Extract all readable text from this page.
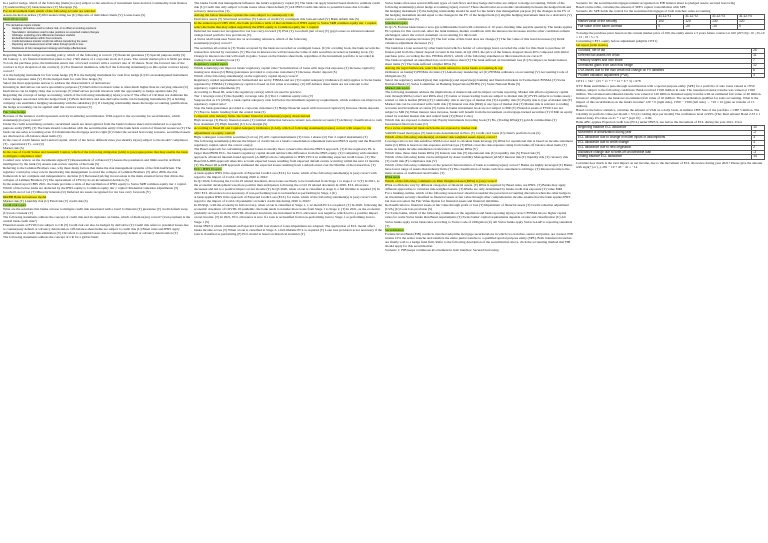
In a perfect hedge, which of the following (items) is (are) subject to the selection of investment basis derived. Commodity trade finance (T) underwriting (U) bank insurance (V) Mortgage (S).

For an investment bank which of the following account are relevant:

Assets-backed securities (T) IPO underwriting fee (U) Deposits of individual clients (V) Loans-loans (S)

Derivatives topics

The derivatives topics include:
• Hedging: derivatives used to reduce risk, or to offset an existing exposure
• Speculation: derivatives used to take positions on expected market changes
• Arbitrage: exploiting price differences between markets
• Embedded derivatives within host contracts
• Credit derivatives transfer credit risk without transferring the asset
• Reporting and measurement at fair value through profit or loss
• Disclosure of risk management strategy and hedge effectiveness

Regarding the bank's hedge accounting policy, which of the following is correct: (T) financial guarantee (T) Special purpose entity (S)

On January 1, A's financial institution plans to buy 1'500 shares of a corporate stock in 3 years. The current market price is $100 per share. To lock the purchase price, the institution enters into a forward contract with a contract rate of 10 shares. Note: the forward rate of the contract is 0 (at inception of the contract). (1) For financial institution, which of the following statement(s) on this option contract is(are) correct?

A is the hedging instrument for fair value hedge (T) B is the hedging instrument for cash flow hedge (U) It's an undesignated instrument for future exposure risks (V) It's the hedged item for cash flow hedge (S)

Select the most appropriate answer to address the characteristics of derivatives:

Investing in derivatives can serve speculative purposes (T) Derivative's notional value is often much higher than its carrying amount (U) Derivatives can be highly risky due to leverage (V) Derivatives provide investors with the opportunity to hedge against risks (S)

Regarding the concept of hedge accounting, which of the following statement(s) is(are) correct? The effect of CR must not dominate the value changes associated with the hedged item (T) Both derivative and non-derivative items can be hedging instruments (T) A holding company can establish a hedging relationship with the subsidiary (U) If a hedging relationship meets the hedge accounting qualification, the hedge accounting can be applied until the contract expires (V)

Fair value hedge

Because of the lenience credit represents activity in utilizing securitization. With regard to the accounting for securitization, which statement(s) is (are) correct?

Under the credit securitizing scenario, securitized assets are derecognized from the bank's balance sheet and transferred to a special-purpose entity (SPE) (T) The bank should consolidate with the securitization entity if the bank holds control of financial resources (T) The bank can use sales accounting even if it maintains the mortgage service right (U) Under the secured borrowing scenario, securitized assets are disclosed as off-balance sheet items (S)

In the case of credit futures and Central Capital, which of the below different rules you identify is(are) subject to the model? compliance (T) - operational (T) - real (U)

Market risk (S)

In the case of Credit Suisse and Greensill Capital, which of the following mitigation (with) is (are) appropriate that may enable the bank to mitigate compliance risk?

Conduct new review on the documents signed (T) Reassessment of collateral (T) Assess the parameters and limits used in artificial intelligence by the bank (U) Assess sale-review surplus of the bank (S)

Referring to the Lehman Brothers case, why there many factors that make the risk management systems of the firm inefficient. The regulator could play a key role in monitoring risk management to avoid the collapse of Lehman Brothers (T) After 2006, the risk framework is not complete and independent to decision (U) Decreased pricing in real estate is the main external factor that drives the collapse of Lehman Brothers (V) The replacement of CFO by its an incremental decision (S)

In the annual report CBIS 2021, the bank provides a table of Reconciliation of IFRS equity to Swiss SRB common equity tier 1 capital. Which of the below items are deducted by the IFRS equity to Common equity tier 1 capital: Prudential valuation adjustments (T) Goodwill, net of tax (T) Minority interests (U) Deferred tax assets recognised for tax loss carry forwards (V)

IRRBB Bank in business model

Market risk (T) Liquidity risk (U) Fund risk (V) credit risk (S)

Credit risk topics

What are the solutions that banks can use to mitigate credit risk associated with a loan? Collaterals (T) guarantee (T) credit default swap (U) loan covenant (V)

The following statements address the concept of credit risk and its signature on banks, which of them is(are) correct? (loan payment is the central bank credit risk?)

Financial assets at FVOCI are subject to CR (T) Credit risk can also be hedged by derivative (T) Credit risk refers to potential losses due to counterparty default or solvency deterioration. Off-balance-sheet items are subject to credit risk (U) Basel rules and IFRS apply different rules on credit risk estimation (V) CR refers to potential losses due to counterparty default or solvency deterioration (T)

The following statements address the concept of CR for a global bank:

The banks Credit risk management influence the bank's regulatory capital (T) The bank can apply internal based model to estimate credit risk (U) Credit risk only subject to bank losses when client default (V) All IFRS Credit risk refers to potential losses due to banks solvency deterioration (T).

Among the below measures/ options the ones subject to counterparty CR:

Derivative assets (T) Structured securities (T) Letters of credit (U) contingent risk loan-encoded (V) Bank default risk (S)

In the annual report UBS 2021, the bank provides a table of Reconciliation of IFRS equity to Swiss SRB common equity tier 1 capital, select the items that may adjust negatively the IFRS equity to Common equity tier 1 capital:

Deferred tax assets not recognised for tax loss carry-forward (T) PVA (T), Goodwill (net of tax) (T) (pp) Losses on advanced entered ratings-based portfolio loss provisions (T).

A Swiss retail bank uses Swiss law as accounting reference, which of the following

statement(s) is(are) correct?

The securities allocation is (T) Trades accepted by the bank are recorded as contingent losses. (U) In a trading book, the bank records the transaction ordered by customers (V) The rise in interest rate will increase the value of debt securities recorded as banking book. (S) Change in interest rate risk will result in gains / losses on the balance sheet item, regardless of the investment portfolio is recorded in trading book or banking book (T)

Regulatory capital topics

Which solution(s) can improve banks' regulatory capital ratio? Securitization of loans with large risk exposure (T) Increase capital by issuing new shares (U) Bring guarantees provided to corporate customers (T) Increase clients' deposit (S)

Which of the following statement(s) on the regulatory capital is(are) correct?

Regulatory capital requirements in Switzerland are set by FINMA and are (T) Capital Adequacy Ordinance (CAO) applies to Swiss banks regulated by FINMA (T) Regulatory capital is based on fair value accounting. (U) Off-balance sheet items are not relevant to the regulatory capital adjustments (T)

According to Basel III, select the regulatory ratio(s) which are used in practice:

Tier 1 leverage ratio (T) the liquidity coverage ratio (U) Tier 1 common equity ratio (V)

Suppose that as CS (2018), a bank capital adequacy ratio fell below the minimum regulatory requirements, which solution can improve its regulatory capital ratio?

Stop the bank guarantees provided to corporate customers (T) Hedge financial assets with borrowed capital (U) Increase clients deposits (V) Borrow funds/ funding from the central bank (S)

Compared with industry firms, the banks' financial statements(s) is(are) characterized

High leverage (T) Heavy financial assets (T) Limited distinction between current/ non-current accounts (T) Arbitrary classification to cash flow statement (T) High liquidity (U) Low margin (S)

According to Basel III and Capital Adequacy Ordinance (CAO), which of following statement(s) is(are) correct with respect to tier adjustments on equity capital?

High contingent convertible securities (CoCos) (T) AT1 capital instruments (T) Class 1 shares (U) Tier 2 capital instruments (T)

The following statement(s) discuss the impact of credit risk on a bank's consolidation adjustment between IFRS 9 equity and the Basel III regulatory capital, select the correct one(s):

The Basel approach for calculating expected losses is usually more conservative than the IFRS 9 approach. (T) If the regulatory EL is larger than IFRS9 ECL, the bank's regulatory capital should subtract this difference from the IFRS equity. (T) Comparing with standard approach, advanced internal-based approach (A-IRB) is more compatible to IFRS 9 ECL in estimating expected credit losses. (T) The Basel III A-IRB approach takes into account expected losses resulting from expected default events occurring within the next 12 months (T) The Basel III A-IRB approach estimated the expected losses resulting from a default event over the lifetime of the transaction. (T)

ECL / IFRS 9 topics

A bank applies IFRS 9 the approach of Expected Credit Loss (ECL) for loans, which of the following statement(s) is (are) correct with regard to the impact of Covid-19 during 2020 to 2022:

In Q1 2020, following the Covid-19 related downturn, more loans are likely to be transferred from Stage 1 to stage 2 or 3 (T) In 2021, as the economic development was more positive than anticipated, following the covid 19 related downturn in 2020, ECL allowance decreased and led to a positive impact on net income (T) In Q3 2020, when a loan is classified at stage 0, a full lifetime is required (T) In 2021 ECL allowance is not necessary, if non-performing loan is reclassified as performing in Stage 1 (U)

A bank applies IFRS 9 the approach of Expected Credit Loss (ECL) for loans, which of the following statement(s) is (are) correct with regard to the impact of Covid-19 pandemic on bank's credit risk during 2020 to 2022?

In 2022Q1, with the economy in full recovery, when a loan is classified at Stage 1, a 12-month ECL is required. (T) In 2020, following the economic downturn of COVID-19 pandemic, the bank tends to transfer more loans from Stage 1 to Stage 2. (T) In 2021, as the economic gradually recovers from the COVID-19 related downturn, the increment in ECL allowance was negative, which led to a positive impact on net income. (T) In 2021, ECL allowance is zero if a loan is reclassified from non-performing loan to Stage 1 or performing loan to Stage 1 (S)

Under IFRS 9 which command an Expected Credit loss model of loans impairment are adopted. The application of ECL model affect banks income across (T) When a loan is classified at Stage 3, a full-lifetime ECL is required (T) Loan loss provision is not necessary if the loan is classified as performing (F) ECL model is based on historical statistics (T)

Swiss banks often uses several different types of cash flows and may hedge derivative are subject to hedge accounting. Which of the following statement(s) about hedge accounting is(are) correct? There should exist an economic relationship between the hedged item and the hedging instrument (T) the hedging relationship should be used for the bank's risk management purpose (T) the changes in the FV of the hedging instrument should equal to the changes in the FV of the hedged item (U) eligible hedging instrument must be a derivative (V) can be a combination (S)

Statement topics

In Q1-Y, Fortune bank issues a zero-gas reimbursable bond with a duration of 10 years, funding time payable quarterly. The banks applies EU options for this own bond. After the bank initiates, market conditions with the interest rate increases and the other conditions remain unchanged, select the correct statement on accounting for this bond:

Bank's interest expense increases (T) The fair value of this bond does not change (T) The fair value of this bond decreases (U) Debit valuation adjustment decreases (V)

The bank has a loan secured by other bank bond which a holder of a mortgage bond, recorded the order for this client to purchase 10 futures paid from the clients' deposit account in the bank. In Q2 2023, the price of the futures dropped about 40% compared with initial purchase price, according the Ors, FINMA 2020/1, which of the following statement on this transaction are correct?

The bank recognised an unrealized loss on its balance sheet (T) The bank suffered an investment loss (U) No impact on banks balance sheet items (V) The bank suffered a higher RWA (S)

Among the legal framework, select the items referred to swiss banks accounting & reg:

Ordinance on banks(T) FINMA circulars (T) Anti-money laundering act (U) FINMA ordinance on accounting (V) Accounting Code of Obligations (S)

Select the regulatory authority(ies) that regulate(s) and supervise(s) banking and financial markets in Switzerland: FINMA (T) Swiss National Bank (U) Swiss Committee on Banking Supervision (BCBS) (V) Swiss National Bank (S)

Market risk topics

The following statement address the implications of market risk and its impact on bank reporting. Market risk affects regulatory capital ratio through RWA (correct and RWA also) (T) Gains or losses trading book are subject to market risk (U) FVPL subjects to banks assets / related or risk is market (RWA) (T) Commodity risk is one type of market risk (T) Liquidity risk (V) Equity risk is type of market risk (T) Market risk can be correlated with credit risk (T) Interest rate risk (IRR) is one type of market risk (T) Market risk is relevant to trading accounts and investment accounts (T) Gains in banks investment book are not subject to MR (V) Financial assets at FVOCI are not subject to MR (S) When interest rates increase, banks will benefit from the investment on mortgage-backed securities (T) If MR on equity raised by residual market risk and central bank (T) (Bond 2 also)

Which risk are exposed to market risk: Equity instruments in trading book (T) Bo. (Trading RWA)(T) gold & commodities (T) Guaranteed fixed rate loans (U)

For a swiss commercial bank such items are exposed to market risk:

SARON based mortgages (T) bank loans denominated in Euro (T) Credit card loans (U) client's portfolio book (S)

Which of the following statement(s) on banks' risk weighted assets is(are) correct?

Leverage ratio is not risk sensitive: RWA is not used to calculate bank leverage (T) RWA for operational risk is based on income statement items (U) RWA is based on risk exposure and risk type (T) RWA cover the risk exposure rising from banks off balance sheet items (T) Gains on banks income statement is irrelevant to calculate RWA (V)

Which risks, these risks banks RWA (T) Interest rate risk (T) Operational risk (U) Liquidity risk (S) Fraud risk (V)

Which of the following items can be mitigated by Asset Liability Management (ALM)? Interest risk (T) liquidity risk (T) currency risk (T) credit risk (F) compliance risk (V)

Which of the following comments on the general characteristics of bank accounting is(are) correct? Banks are highly leveraged (T) Banks have lower range of assets than industry firms (T) The classification of banks cash flow statement is arbitrage. (T) Interest income is the main revenue of traditional retail banks. (T)

RWA stuck

Which of the following comments on Risk Weighted Asset (RWA) is (are) correct?

RWA coefficients vary by different categories of financial assets. (T) RWA is required by Basel rules, not IFRS. (T) Banks may apply different approaches to calculate risk-weighted assets. (T) RWAs are only determined by banks credit risk exposure (T) value MRI

For a banking outline, which of the following reason best/ should reconsider the perceived accounting discretion when the other hedge is an investment security classified as financial assets at fair value through other comprehensive income assume that the bank applies IFRS but does not select the Fair Value Option for financial assets and financial liabilities.

Reclassification to financial assets at fair value through profit or loss (T) Impairment of financial assets (T) Credit valuation adjustment (CVA) (U) Loan loss provision (S)

For Swiss banks, which of the following comments on the regulation and bank reporting is(are) correct: FINMA has no higher capital ratios for some Swiss banks than Basel requirements (T) Swiss banks' capital requirements depends on size and classification (U) All Swiss banks apply swiss bank rules according to Swiss Code of Obligation (U) All Swiss banks apply Swiss GAAP to reporting standards (T)

Securitization

Fortune Invest Bank (FIB) conducts tranched subprime mortgage securitizations in which two tranches, senior and junior, are created. FIB retains 10% the senior tranche and transfers the entire junior tranche to a qualified special purpose entity (SPE). Both transferred tranches are finally sold to a hedge fund firm. Refer to the following description of the securitization above, click the accounting method that FIB should apply for this securitization.

Scenario 1: FIB keeps continuous involvement in both tranches: Secured borrowing

Scenario 1b: the securitized mortgages remain recognized on FIB balance sheet as pledged assets: secured borrowing

Based on the table, calculate the amount of SPE's capital consolidation with SPE.

Scenario 2b: SPE holds the control for the securitized mortgages of both tranches: sales accounting

	31.12.Y1	31.12.Y2	31.12.Y3	31.12.Y4
Market value of the security	100	120	130	120
Fair value of the future contract	0	-20	-10	0

To hedge the purchase price based on the current market price of 100, the entity enters a 3 years future contract at 100 (20+10)= 10 ; 25-10 = 15 ; 10 / 5 = 5.

Calculating CET1 equity before adjustment (eligible CET1)

bal report (with in mio)

Goodwill, net of tax	25
Deferred tax assets net of tax	11
Treasury shares and own share	7
Unrealized gains from cash flow hedge	12
CVA losses due to the own credit risk change on FV liabilities	6
Prudent valuation adjustment (PVA)	3

CET1 = 742 − (25 + 11 + 7 + 12 + 6 + 3) = 678

XYZ Bank establishes a pass-through securitization with a special purpose entity (SPE) for a portfolio of auto loans valued at 1'050 million, subject to the following conditions: Bank received 1'020 million in cash. The transferred senior tranche was valued at 1'020 million. The retained subordinated tranche was valued at 120 million. Retained equity tranche with an estimated fair value of 40 million. Investors' obligation to the bank net an estimated fair value of 10 million. The securitization qualifies for sales accounting. What is the impact of this securitization on the bank's income? 120 + 0 (right side), 1'050 − 1'020 (left side) → +45 = 10 (gain on transfer of 15 million).

Based on the below statistics, calculate the amount of VAR on a daily basis, in million CHF. Size of the portfolio = CHF 5 million. The volatility in portfolio value per month = 5% (21 trading days per month) The confidence level at 99% (The: Real amount Bond 2.33 x 1 desired data). P's-value on 21 * 1 rel * (sqrt 10) → 0.09.

Bank ABC applies Expected credit loss (ECL) under IFRS 9, see below the movement of ECL during the year 2021. Total

Beginning balance ECL allowance	10
Movement of amortization during year	-2
ECL allowance due to change in model inputs or assumptions	3
ECL allowance due to credit change	4
ECL allowance due to new origination	2
Allowance change due to write-off uncollectible loan	-3
Ending balance ECL allowance	14

Calculate how much is the total impact on net income, due to the movement of ECL allowance during year 2021? Please give the amount with sign(+) or (-). 281 − 10 + 45 − 41 = −14
